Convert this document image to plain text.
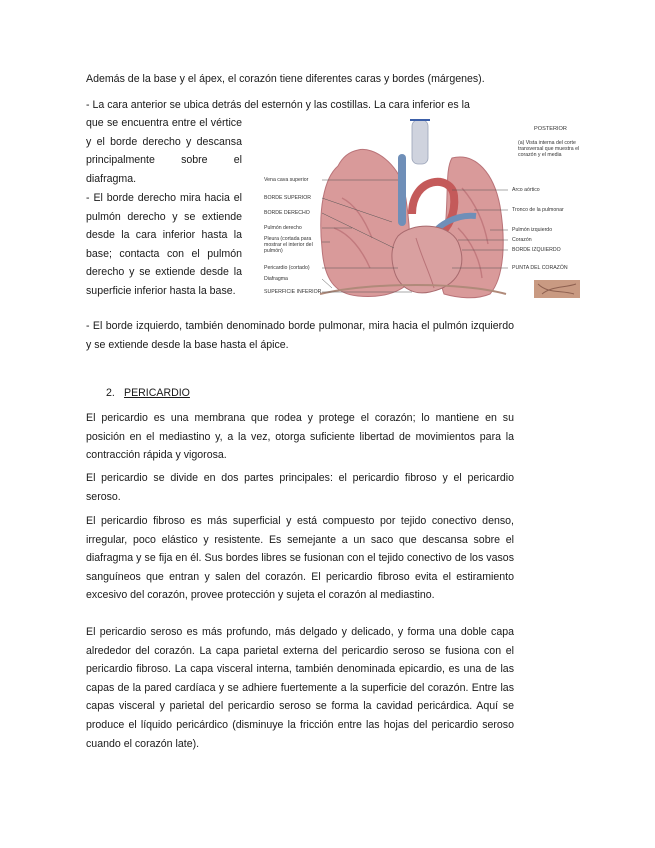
Además de la base y el ápex, el corazón tiene diferentes caras y bordes (márgenes).

- La cara anterior se ubica detrás del esternón y las costillas. La cara inferior es la

que se encuentra entre el vértice y el borde derecho y descansa principalmente sobre el diafragma.

- El borde derecho mira hacia el pulmón derecho y se extiende desde la cara inferior hasta la base; contacta con el pulmón derecho y se extiende desde la superficie inferior hasta la base.

- El borde izquierdo, también denominado borde pulmonar, mira hacia el pulmón izquierdo y se extiende desde la base hasta el ápice.

2. PERICARDIO

El pericardio es una membrana que rodea y protege el corazón; lo mantiene en su posición en el mediastino y, a la vez, otorga suficiente libertad de movimientos para la contracción rápida y vigorosa.

El pericardio se divide en dos partes principales: el pericardio fibroso y el pericardio seroso.

El pericardio fibroso es más superficial y está compuesto por tejido conectivo denso, irregular, poco elástico y resistente. Es semejante a un saco que descansa sobre el diafragma y se fija en él. Sus bordes libres se fusionan con el tejido conectivo de los vasos sanguíneos que entran y salen del corazón. El pericardio fibroso evita el estiramiento excesivo del corazón, provee protección y sujeta el corazón al mediastino.

El pericardio seroso es más profundo, más delgado y delicado, y forma una doble capa alrededor del corazón. La capa parietal externa del pericardio seroso se fusiona con el pericardio fibroso. La capa visceral interna, también denominada epicardio, es una de las capas de la pared cardíaca y se adhiere fuertemente a la superficie del corazón. Entre las capas visceral y parietal del pericardio seroso se forma la cavidad pericárdica. Aquí se produce el líquido pericárdico (disminuye la fricción entre las hojas del pericardio seroso cuando el corazón late).

POSTERIOR
(a) Vista interna del corte transversal que muestra el corazón y el media
Vena cava superior
BORDE SUPERIOR
BORDE DERECHO
Pulmón derecho
Pleura (cortada para mostrar el interior del pulmón)
Pericardio (cortado)
Diafragma
SUPERFICIE INFERIOR
Arco aórtico
Tronco de la pulmonar
Pulmón izquierdo
Corazón
BORDE IZQUIERDO
PUNTA DEL CORAZÓN
